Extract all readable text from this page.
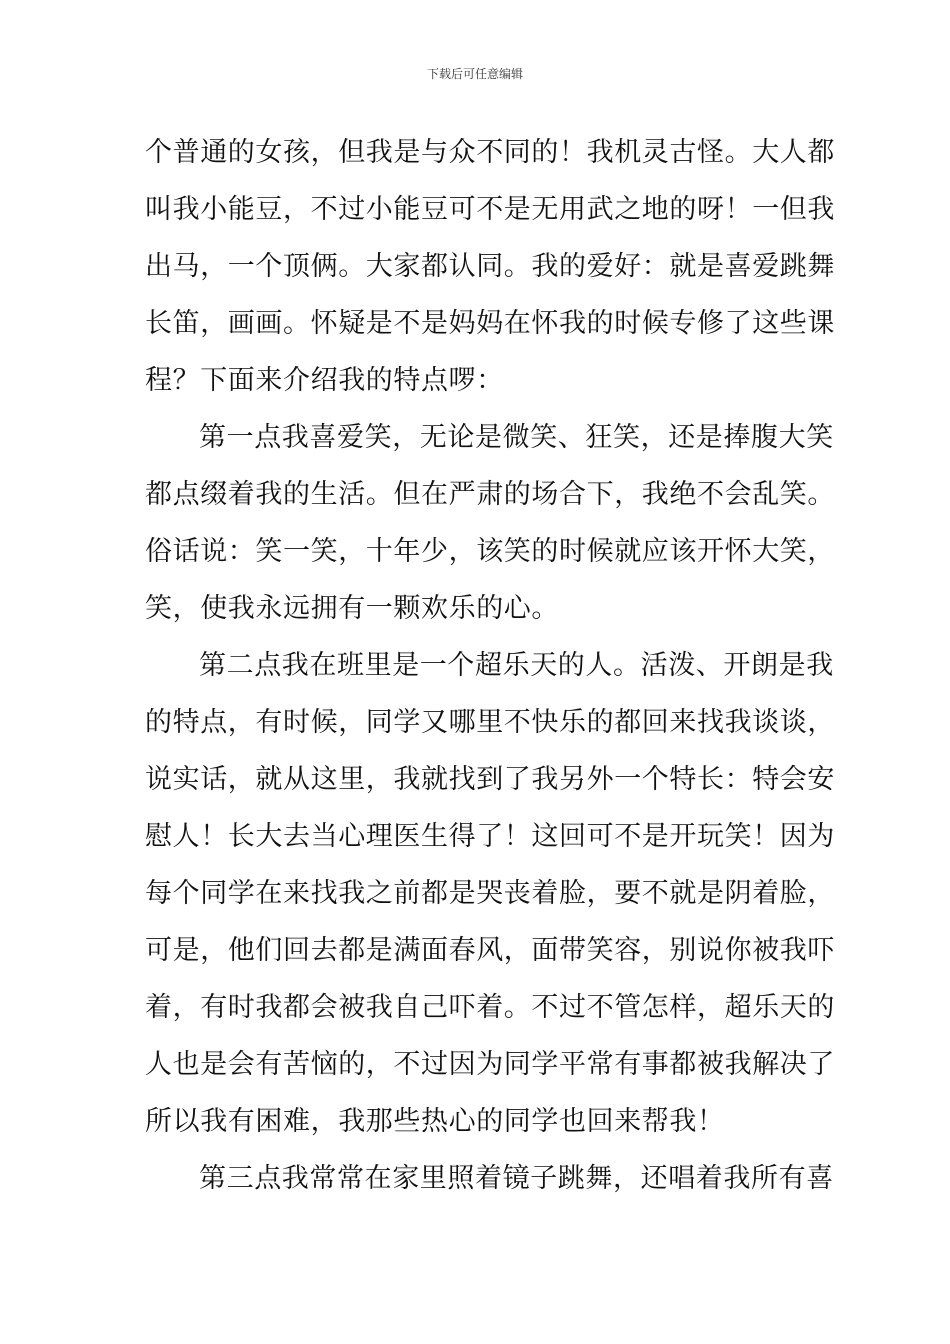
下载后可任意编辑
个普通的女孩，但我是与众不同的！我机灵古怪。大人都
叫我小能豆，不过小能豆可不是无用武之地的呀！一但我
出马，一个顶俩。大家都认同。我的爱好：就是喜爱跳舞
长笛，画画。怀疑是不是妈妈在怀我的时候专修了这些课
程？下面来介绍我的特点啰：
第一点我喜爱笑，无论是微笑、狂笑，还是捧腹大笑
都点缀着我的生活。但在严肃的场合下，我绝不会乱笑。
俗话说：笑一笑，十年少，该笑的时候就应该开怀大笑，
笑，使我永远拥有一颗欢乐的心。
第二点我在班里是一个超乐天的人。活泼、开朗是我
的特点，有时候，同学又哪里不快乐的都回来找我谈谈，
说实话，就从这里，我就找到了我另外一个特长：特会安
慰人！长大去当心理医生得了！这回可不是开玩笑！因为
每个同学在来找我之前都是哭丧着脸，要不就是阴着脸，
可是，他们回去都是满面春风，面带笑容，别说你被我吓
着，有时我都会被我自己吓着。不过不管怎样，超乐天的
人也是会有苦恼的，不过因为同学平常有事都被我解决了
所以我有困难，我那些热心的同学也回来帮我！
第三点我常常在家里照着镜子跳舞，还唱着我所有喜
